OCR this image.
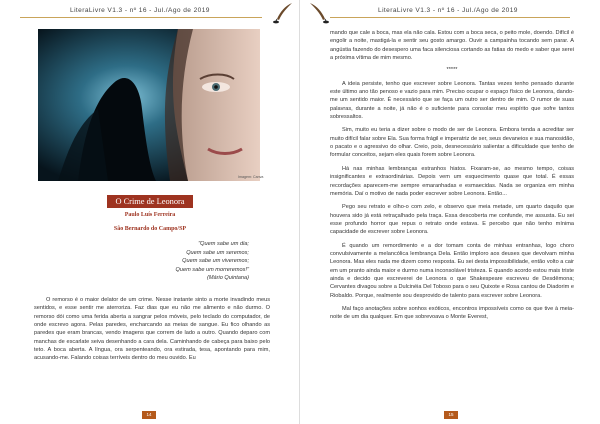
LiteraLivre V1.3 - nº 16 - Jul./Ago de 2019
Imagem: Canva
O Crime de Leonora
Paulo Luís Ferreira
São Bernardo do Campo/SP
"Quem sabe um dia;
Quem sabe um seremos;
Quem sabe um viveremos;
Quem sabe um morreremos!"
(Mário Quintana)

O remorso é o maior delator de um crime. Nesse instante sinto a morte invadindo meus sentidos, e esse sentir me aterroriza. Faz dias que eu não me alimento e não durmo. O remorso dói como uma ferida aberta a sangrar pelos móveis, pelo teclado do computador, de onde escrevo agora. Pelas paredes, encharcando as meias de sangue. Eu fico olhando as paredes que eram brancas, vendo imagens que correm de lado a outro. Quando deparo com manchas de escarlate seiva desenhando a cara dela. Caminhando de cabeça para baixo pelo teto. A boca aberta. A língua, ora serpenteando, ora estirada, tesa, apontando para mim, acusando-me. Falando coisas terríveis dentro do meu ouvido. Eu

14
LiteraLivre V1.3 - nº 16 - Jul./Ago de 2019

mando que cale a boca, mas ela não cala. Estou com a boca seca, o peito mole, doendo. Difícil é engolir a noite, mastigá-la e sentir seu gosto amargo. Ouvir a campainha tocando sem parar. A angústia fazendo do desespero uma faca silenciosa cortando as fatias do medo e saber que serei a próxima vítima de mim mesmo.

*****

A ideia persiste, tenho que escrever sobre Leonora. Tantas vezes tenho pensado durante este último ano tão penoso e vazio para mim. Preciso ocupar o espaço físico de Leonora, dando-me um sentido maior. É necessário que se faça um outro ser dentro de mim. O rumor de suas palavras, durante a noite, já não é o suficiente para consolar meu espírito que sofre tantos sobressaltos.

Sim, muito eu teria a dizer sobre o modo de ser de Leonora. Embora tenda a acreditar ser muito difícil falar sobre Ela. Sua forma frágil e imperatriz de ser, seus devaneios e sua manosidão, o pacato e o agressivo do olhar. Creio, pois, desnecessário salientar a dificuldade que tenho de formular conceitos, sejam eles quais forem sobre Leonora.

Há nas minhas lembranças estranhos hiatos. Fixaram-se, ao mesmo tempo, coisas insignificantes e extraordinárias. Depois vem um esquecimento quase que total. É essas recordações aparecem-me sempre emaranhadas e esmaecidas. Nada se organiza em minha memória. Daí o motivo de nada poder escrever sobre Leonora. Então...

Pego seu retrato e olho-o com zelo, e observo que meia metade, um quarto daquilo que houvera sido já está retraçalhado pela traça. Essa descoberta me confunde, me assusta. Eu sei esse profundo horror que repus o retrato onde estava. E percebo que não tenho mínima capacidade de escrever sobre Leonora.

É quando um remordimento e a dor tomam conta de minhas entranhas, logo choro convulsivamente a melancólica lembrança Dela. Então imploro aos deuses que devolvam minha Leonora. Mas eles nada me dizem como resposta. Eu sei desta impossibilidade, então volto a cair em um pranto ainda maior e durmo numa inconsolável tristeza. E quando acordo estou mais triste ainda e decido que escreverei de Leonora o que Shakespeare escreveu de Desdêmona; Cervantes divagou sobre a Dulcinéia Del Toboso para o seu Quixote e Rosa cantou de Diadorim e Riobaldo. Porque, realmente sou desprovido de talento para escrever sobre Leonora.

Mal faço anotações sobre sonhos exóticos, encontros impossíveis como os que tive à meia-noite de um dia qualquer. Em que sobrevoava o Monte Everest,

15
